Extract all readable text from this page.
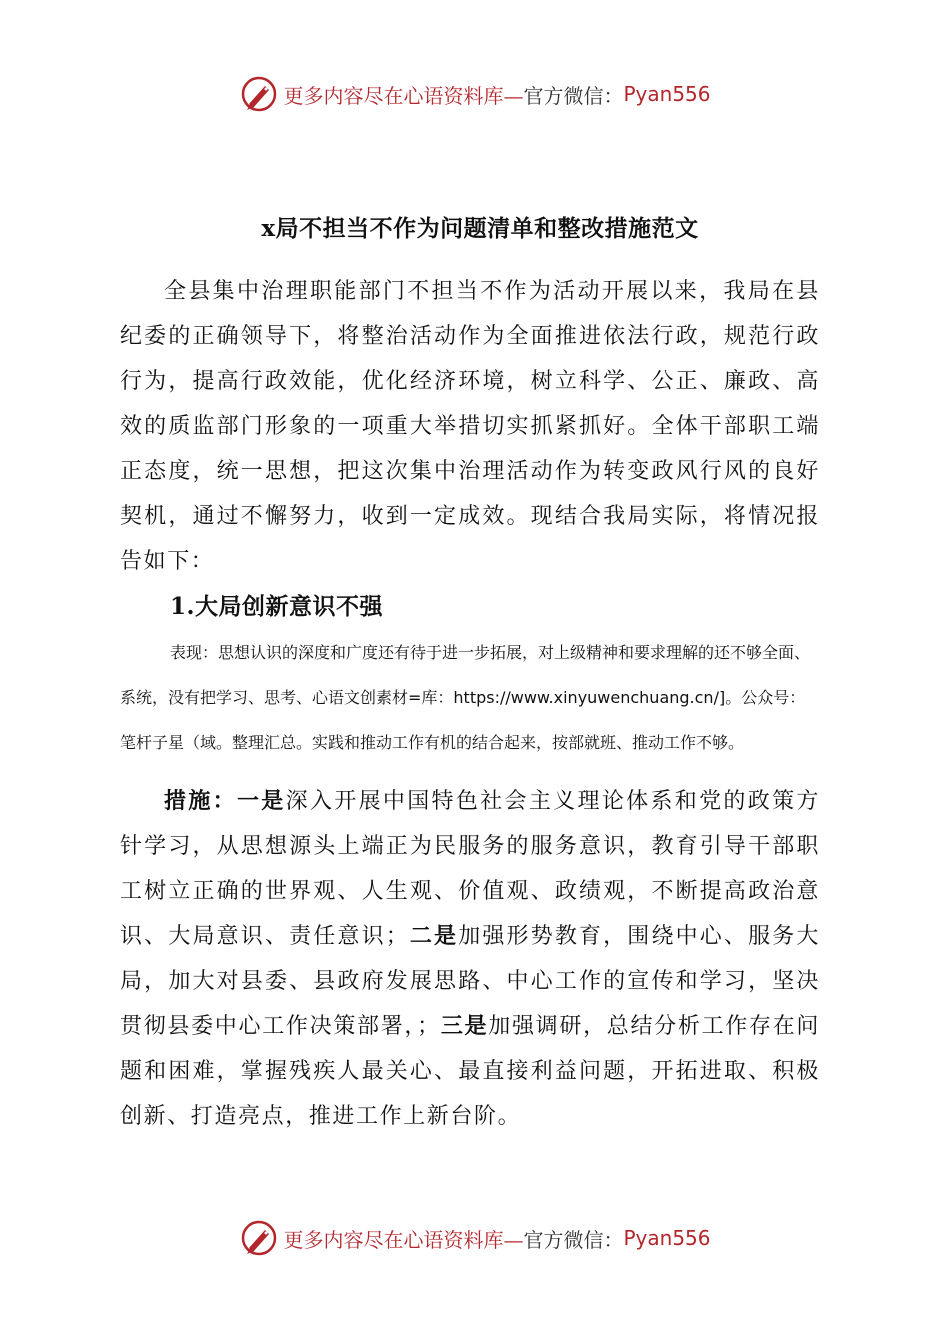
更多内容尽在心语资料库— 官方微信： Pyan556
x局不担当不作为问题清单和整改措施范文

全县集中治理职能部门不担当不作为活动开展以来，我局在县纪委的正确领导下，将整治活动作为全面推进依法行政，规范行政行为，提高行政效能，优化经济环境，树立科学、公正、廉政、高效的质监部门形象的一项重大举措切实抓紧抓好。全体干部职工端正态度，统一思想，把这次集中治理活动作为转变政风行风的良好契机，通过不懈努力，收到一定成效。现结合我局实际，将情况报告如下：

1.大局创新意识不强

表现：思想认识的深度和广度还有待于进一步拓展，对上级精神和要求理解的还不够全面、系统，没有把学习、思考、心语文创素材=库：https://www.xinyuwenchuang.cn/]。公众号：笔杆子星（域。整理汇总。实践和推动工作有机的结合起来，按部就班、推动工作不够。

措施：一是深入开展中国特色社会主义理论体系和党的政策方针学习，从思想源头上端正为民服务的服务意识，教育引导干部职工树立正确的世界观、人生观、价值观、政绩观，不断提高政治意识、大局意识、责任意识；二是加强形势教育，围绕中心、服务大局，加大对县委、县政府发展思路、中心工作的宣传和学习，坚决贯彻县委中心工作决策部署，；三是加强调研，总结分析工作存在问题和困难，掌握残疾人最关心、最直接利益问题，开拓进取、积极创新、打造亮点，推进工作上新台阶。

更多内容尽在心语资料库— 官方微信： Pyan556
